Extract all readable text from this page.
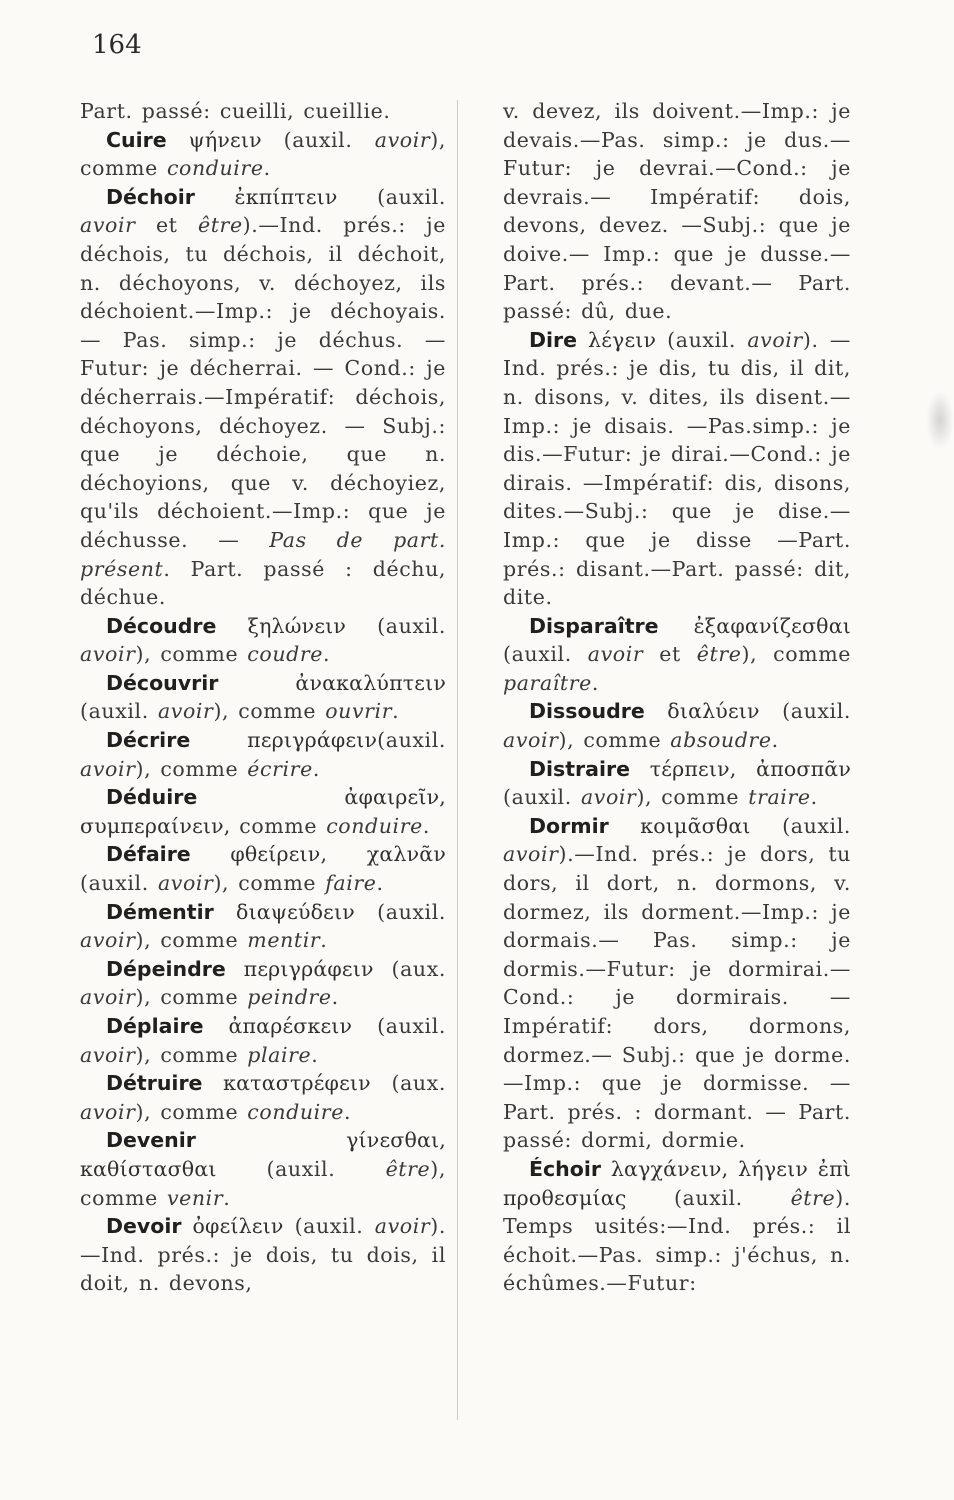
164

Part. passé: cueilli, cueillie.

Cuire ψήνειν (auxil. avoir), comme conduire.

Déchoir ἐκπίπτειν (auxil. avoir et être).—Ind. prés.: je déchois, tu déchois, il déchoit, n. déchoyons, v. déchoyez, ils déchoient.—Imp.: je déchoyais. — Pas. simp.: je déchus. — Futur: je décherrai. — Cond.: je décherrais.—Impératif: déchois, déchoyons, déchoyez. — Subj.: que je déchoie, que n. déchoyions, que v. déchoyiez, qu'ils déchoient.—Imp.: que je déchusse. — Pas de part. présent. Part. passé : déchu, déchue.

Découdre ξηλώνειν (auxil. avoir), comme coudre.

Découvrir ἀνακαλύπτειν (auxil. avoir), comme ouvrir.

Décrire περιγράφειν(auxil. avoir), comme écrire.

Déduire ἀφαιρεῖν, συμπεραίνειν, comme conduire.

Défaire φθείρειν, χαλνᾶν (auxil. avoir), comme faire.

Démentir διαψεύδειν (auxil. avoir), comme mentir.

Dépeindre περιγράφειν (aux. avoir), comme peindre.

Déplaire ἀπαρέσκειν (auxil. avoir), comme plaire.

Détruire καταστρέφειν (aux. avoir), comme conduire.

Devenir γίνεσθαι, καθίστασθαι (auxil. être), comme venir.

Devoir ὀφείλειν (auxil. avoir).—Ind. prés.: je dois, tu dois, il doit, n. devons,

v. devez, ils doivent.—Imp.: je devais.—Pas. simp.: je dus.—Futur: je devrai.—Cond.: je devrais.— Impératif: dois, devons, devez. —Subj.: que je doive.— Imp.: que je dusse.—Part. prés.: devant.— Part. passé: dû, due.

Dire λέγειν (auxil. avoir). —Ind. prés.: je dis, tu dis, il dit, n. disons, v. dites, ils disent.—Imp.: je disais. —Pas.simp.: je dis.—Futur: je dirai.—Cond.: je dirais. —Impératif: dis, disons, dites.—Subj.: que je dise.— Imp.: que je disse —Part. prés.: disant.—Part. passé: dit, dite.

Disparaître ἐξαφανίζεσθαι (auxil. avoir et être), comme paraître.

Dissoudre διαλύειν (auxil. avoir), comme absoudre.

Distraire τέρπειν, ἀποσπᾶν (auxil. avoir), comme traire.

Dormir κοιμᾶσθαι (auxil. avoir).—Ind. prés.: je dors, tu dors, il dort, n. dormons, v. dormez, ils dorment.—Imp.: je dormais.— Pas. simp.: je dormis.—Futur: je dormirai.—Cond.: je dormirais. — Impératif: dors, dormons, dormez.— Subj.: que je dorme.—Imp.: que je dormisse. — Part. prés. : dormant. — Part. passé: dormi, dormie.

Échoir λαγχάνειν, λήγειν ἐπὶ προθεσμίας (auxil. être). Temps usités:—Ind. prés.: il échoit.—Pas. simp.: j'échus, n. échûmes.—Futur:
